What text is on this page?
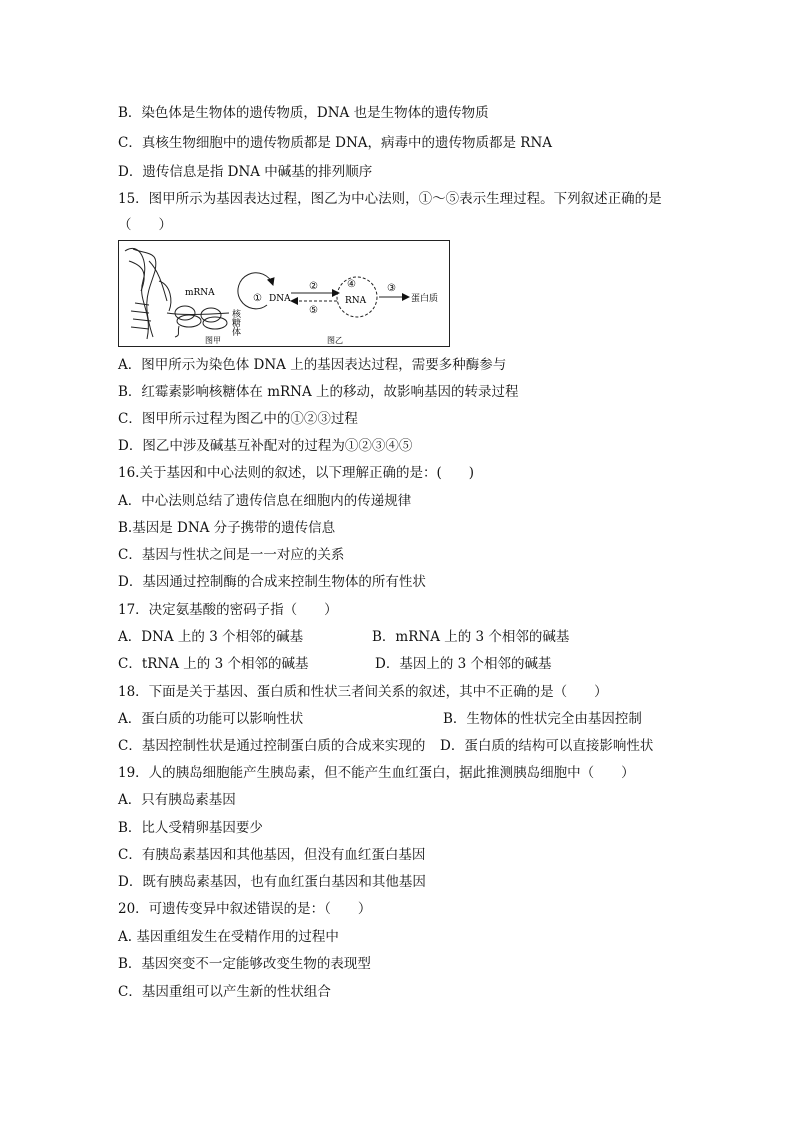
B．染色体是生物体的遗传物质，DNA 也是生物体的遗传物质
C．真核生物细胞中的遗传物质都是 DNA，病毒中的遗传物质都是 RNA
D．遗传信息是指 DNA 中碱基的排列顺序
15．图甲所示为基因表达过程，图乙为中心法则，①～⑤表示生理过程。下列叙述正确的是
（　　）
mRNA
核糖体
图甲
① DNA
②
⑤
④
RNA
③
蛋白质
图乙
A．图甲所示为染色体 DNA 上的基因表达过程，需要多种酶参与
B．红霉素影响核糖体在 mRNA 上的移动，故影响基因的转录过程
C．图甲所示过程为图乙中的①②③过程
D．图乙中涉及碱基互补配对的过程为①②③④⑤
16.关于基因和中心法则的叙述，以下理解正确的是：(　　)
A．中心法则总结了遗传信息在细胞内的传递规律
B.基因是 DNA 分子携带的遗传信息
C．基因与性状之间是一一对应的关系
D．基因通过控制酶的合成来控制生物体的所有性状
17．决定氨基酸的密码子指（　　）
A．DNA 上的 3 个相邻的碱基	B．mRNA 上的 3 个相邻的碱基
C．tRNA 上的 3 个相邻的碱基	D．基因上的 3 个相邻的碱基
18．下面是关于基因、蛋白质和性状三者间关系的叙述，其中不正确的是（　　）
A．蛋白质的功能可以影响性状	B．生物体的性状完全由基因控制
C．基因控制性状是通过控制蛋白质的合成来实现的 D．蛋白质的结构可以直接影响性状
19．人的胰岛细胞能产生胰岛素，但不能产生血红蛋白，据此推测胰岛细胞中（　　）
A．只有胰岛素基因
B．比人受精卵基因要少
C．有胰岛素基因和其他基因，但没有血红蛋白基因
D．既有胰岛素基因，也有血红蛋白基因和其他基因
20．可遗传变异中叙述错误的是：（　　）
A. 基因重组发生在受精作用的过程中
B．基因突变不一定能够改变生物的表现型
C．基因重组可以产生新的性状组合
